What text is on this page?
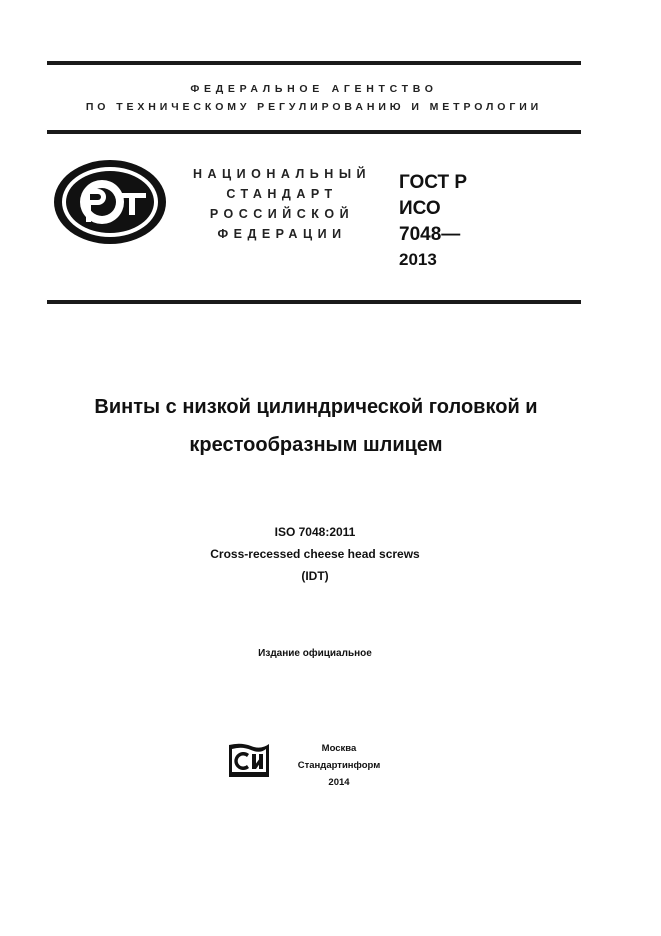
ФЕДЕРАЛЬНОЕ АГЕНТСТВО
ПО ТЕХНИЧЕСКОМУ РЕГУЛИРОВАНИЮ И МЕТРОЛОГИИ
НАЦИОНАЛЬНЫЙ
СТАНДАРТ
РОССИЙСКОЙ
ФЕДЕРАЦИИ
ГОСТ Р
ИСО
7048—
2013
Винты с низкой цилиндрической головкой и
крестообразным шлицем
ISO 7048:2011
Cross-recessed cheese head screws
(IDT)
Издание официальное
Москва
Стандартинформ
2014
